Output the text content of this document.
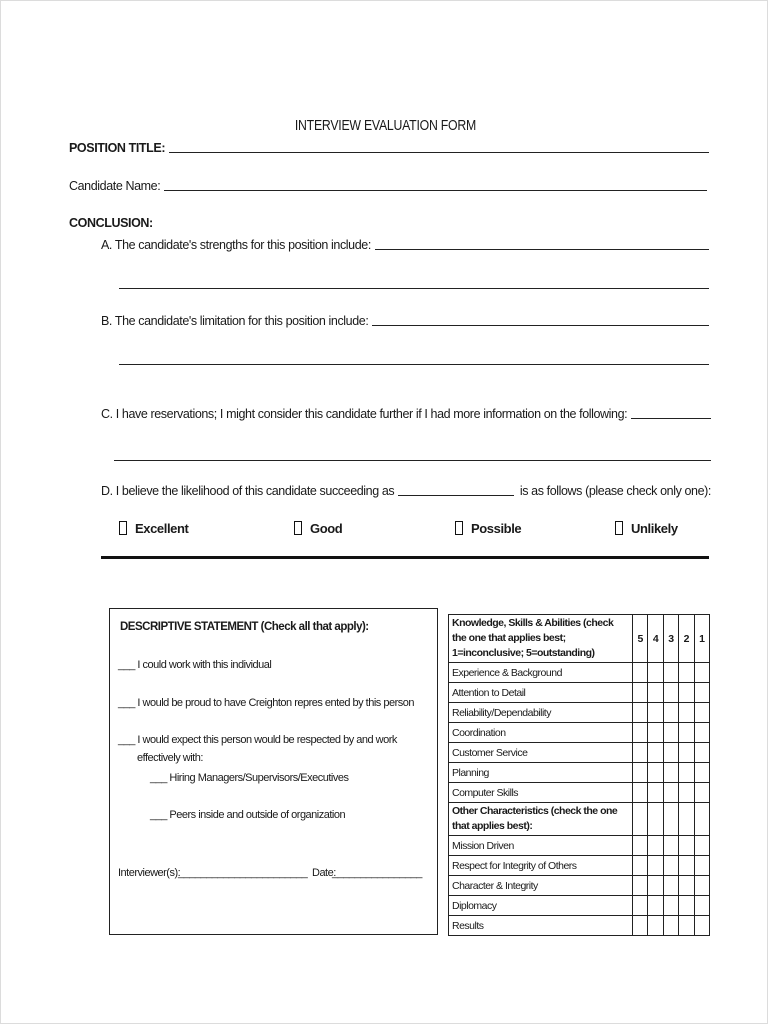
INTERVIEW EVALUATION FORM
POSITION TITLE:
Candidate Name:
CONCLUSION:
A. The candidate's strengths for this position include:
B. The candidate's limitation for this position include:
C. I have reservations; I might consider this candidate further if I had more information on the following:
D. I believe the likelihood of this candidate succeeding as	is as follows (please check only one):
Excellent	Good	Possible	Unlikely
DESCRIPTIVE STATEMENT (Check all that apply):
___ I could work with this individual
___ I would be proud to have Creighton repres ented by this person
___ I would expect this person would be respected by and work
effectively with:
___ Hiring Managers/Supervisors/Executives
___ Peers inside and outside of organization
Interviewer(s):
_______________________ Date:
________________
Knowledge, Skills & Abilities (check the one that applies best; 1=inconclusive; 5=outstanding)	5	4	3	2	1
Experience & Background					
Attention to Detail					
Reliability/Dependability					
Coordination					
Customer Service					
Planning					
Computer Skills					
Other Characteristics (check the one that applies best):					
Mission Driven					
Respect for Integrity of Others					
Character & Integrity					
Diplomacy					
Results					
